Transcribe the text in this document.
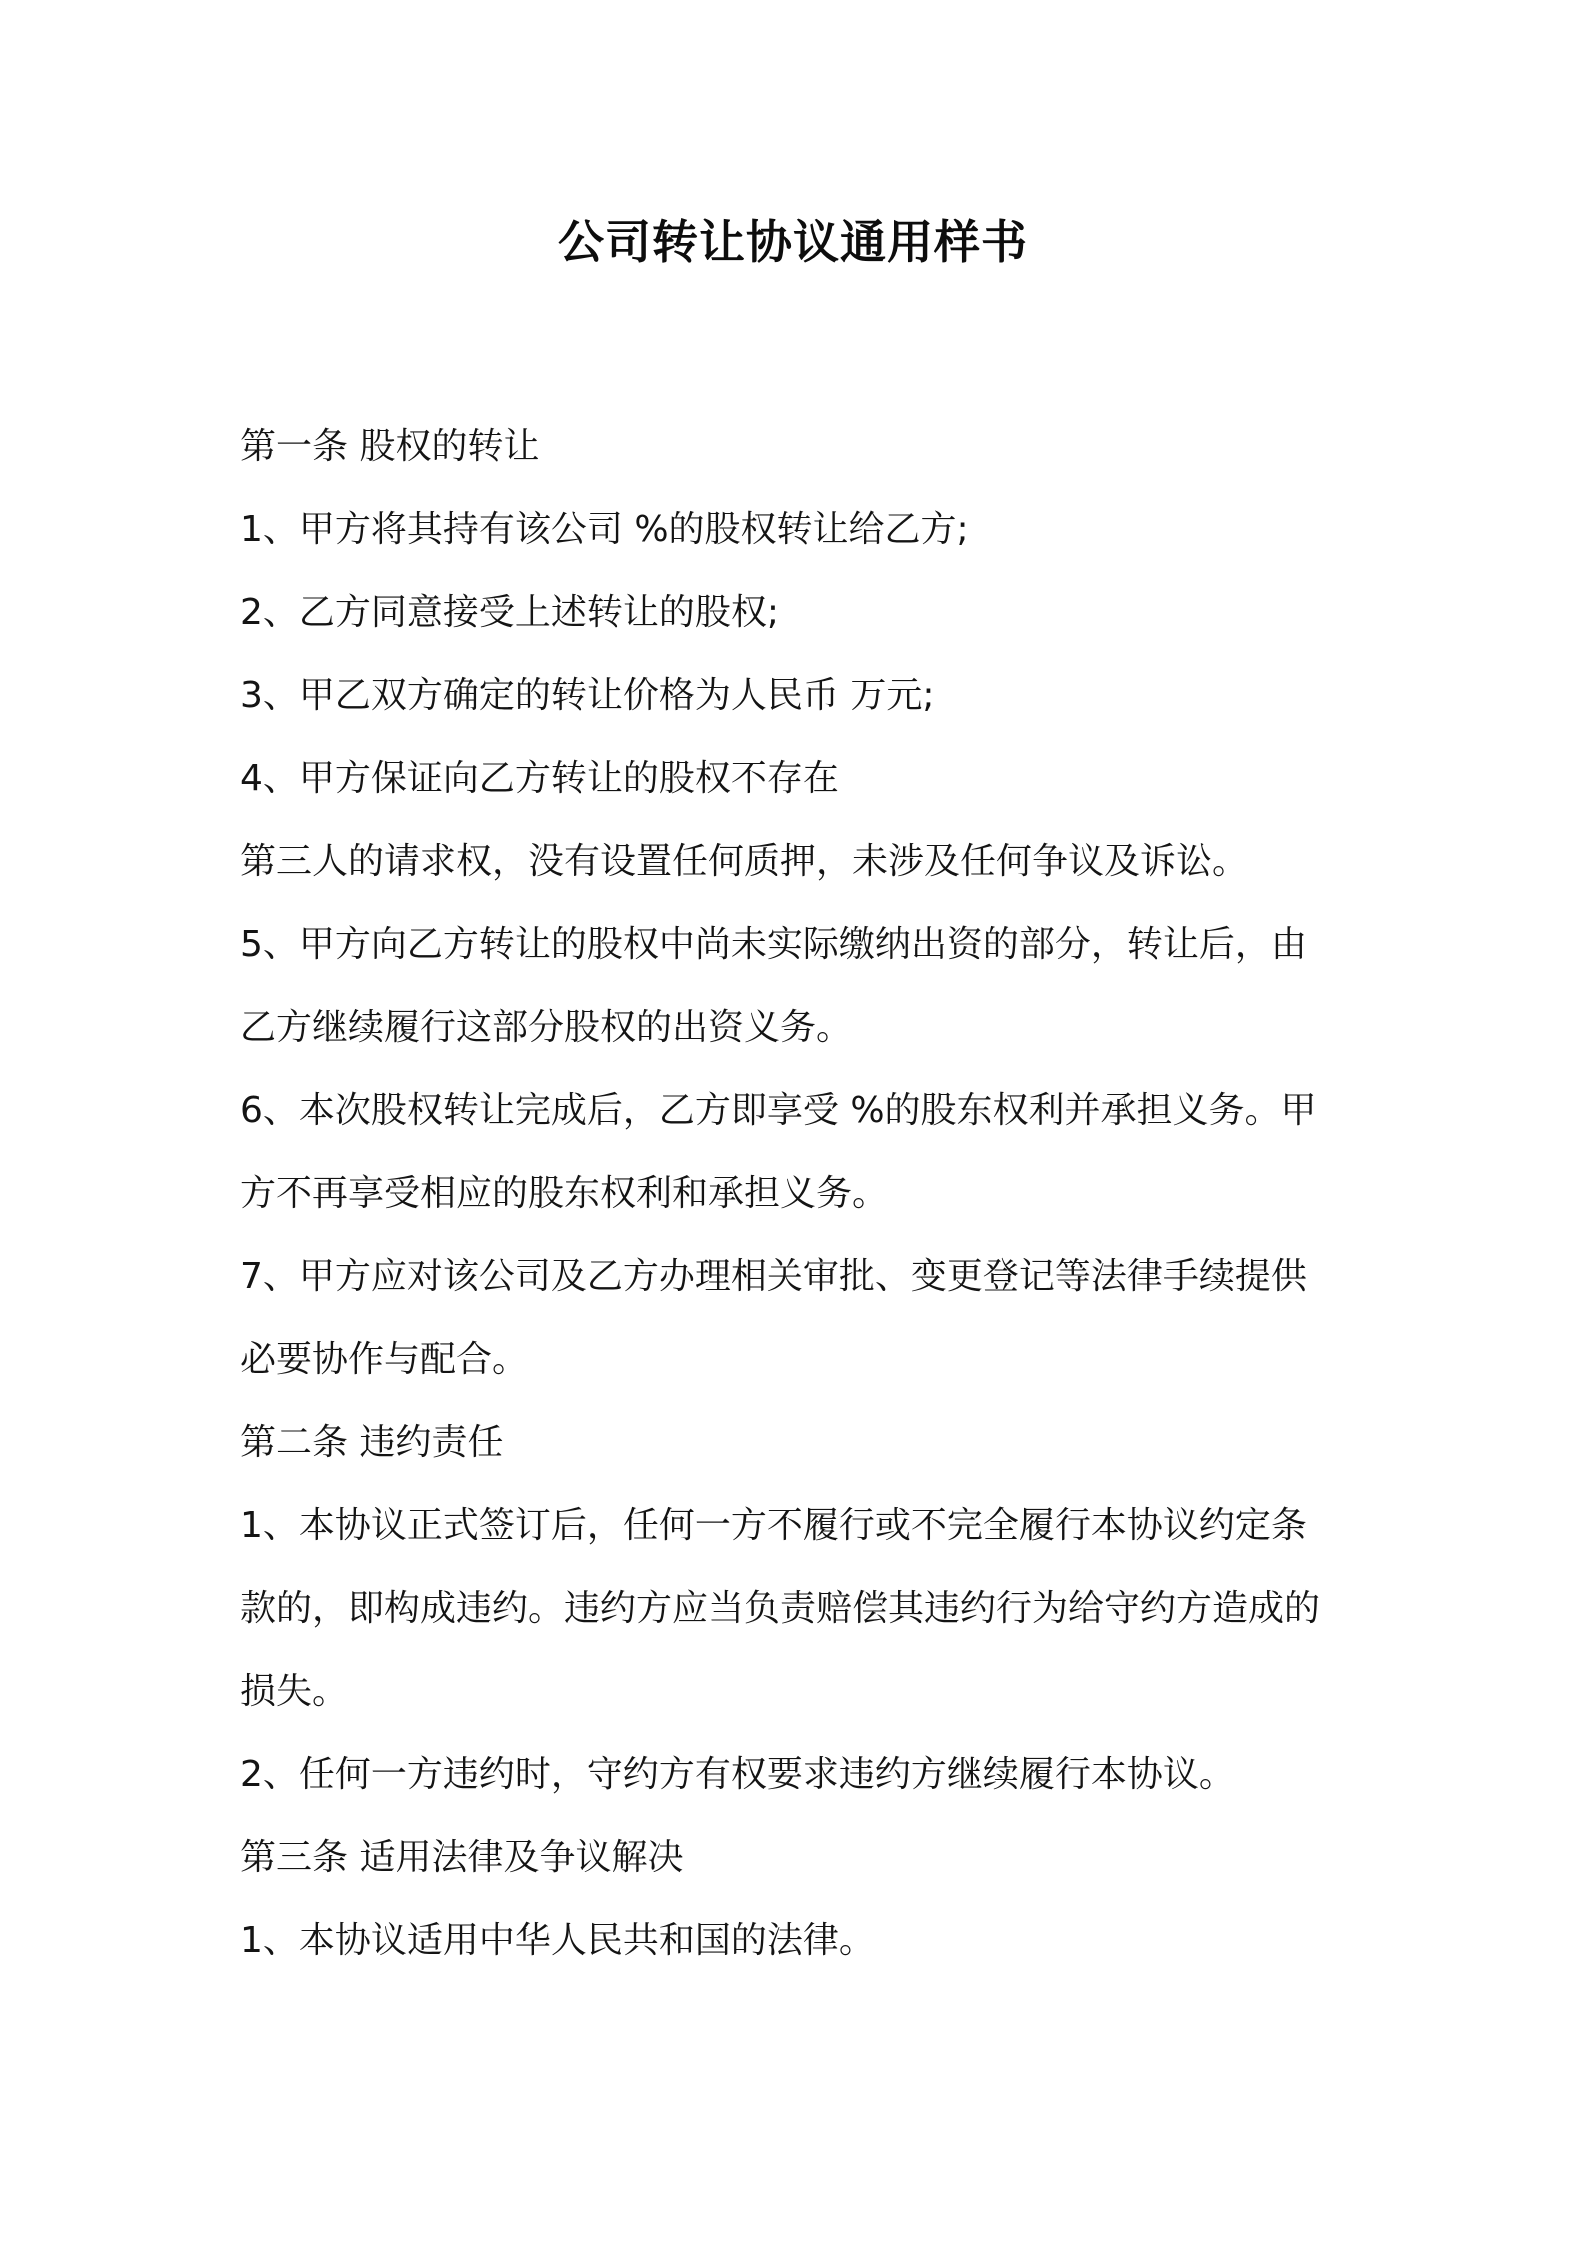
公司转让协议通用样书
第一条 股权的转让
1、甲方将其持有该公司 %的股权转让给乙方;
2、乙方同意接受上述转让的股权;
3、甲乙双方确定的转让价格为人民币 万元;
4、甲方保证向乙方转让的股权不存在
第三人的请求权，没有设置任何质押，未涉及任何争议及诉讼。
5、甲方向乙方转让的股权中尚未实际缴纳出资的部分，转让后，由
乙方继续履行这部分股权的出资义务。
6、本次股权转让完成后，乙方即享受 %的股东权利并承担义务。甲
方不再享受相应的股东权利和承担义务。
7、甲方应对该公司及乙方办理相关审批、变更登记等法律手续提供
必要协作与配合。
第二条 违约责任
1、本协议正式签订后，任何一方不履行或不完全履行本协议约定条
款的，即构成违约。违约方应当负责赔偿其违约行为给守约方造成的
损失。
2、任何一方违约时，守约方有权要求违约方继续履行本协议。
第三条 适用法律及争议解决
1、本协议适用中华人民共和国的法律。
